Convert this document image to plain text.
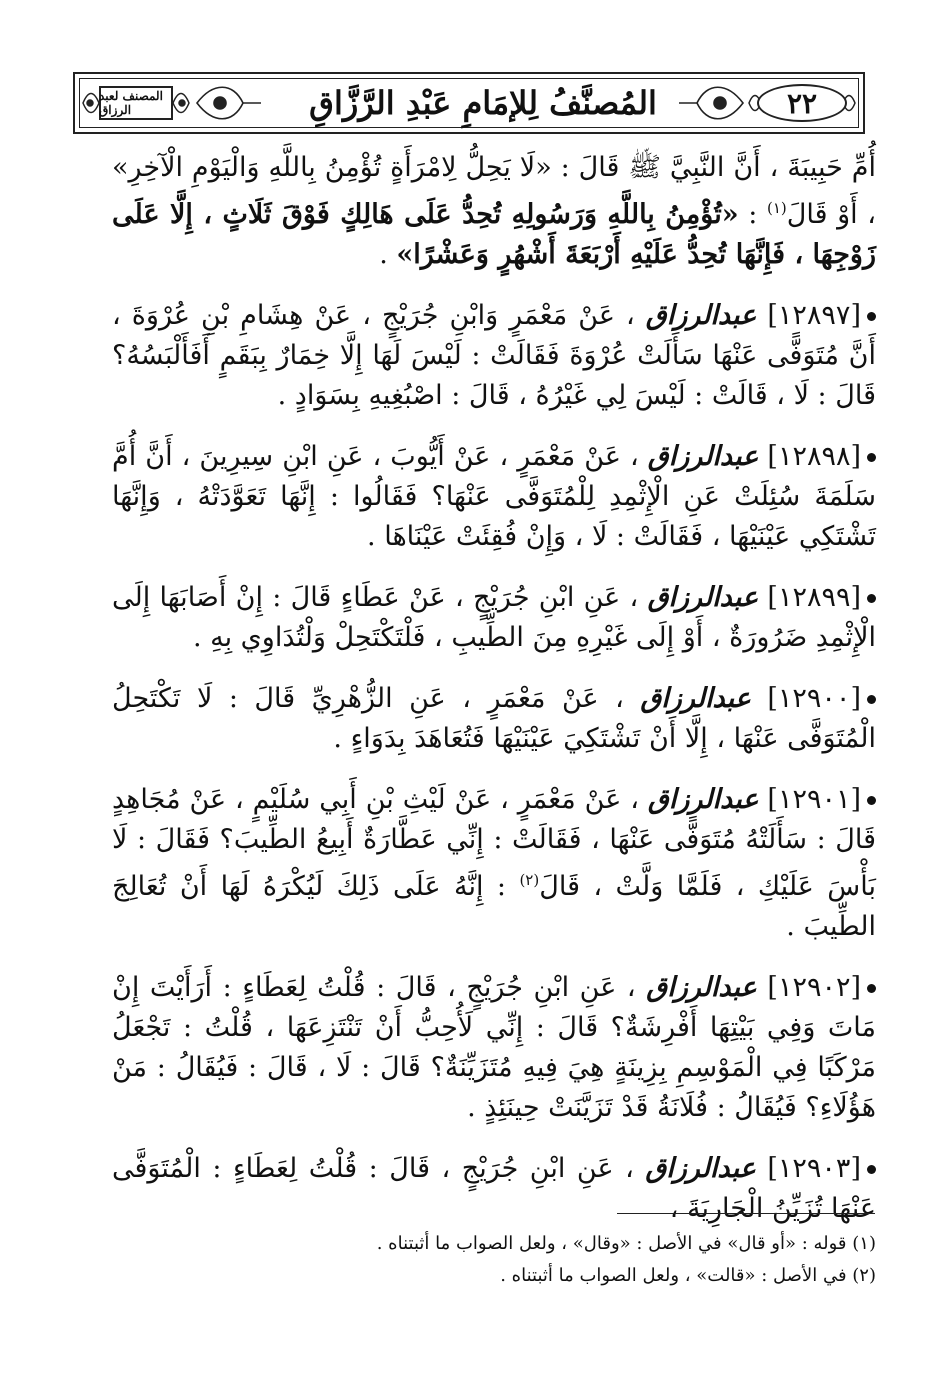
المصنف لعبد الرزاق	المُصنَّفُ لِلإمَامِ عَبْدِ الرَّزَّاقِ	٢٢

أُمِّ حَبِيبَةَ ، أَنَّ النَّبِيَّ ﷺ قَالَ : «لَا يَحِلُّ لِامْرَأَةٍ تُؤْمِنُ بِاللَّهِ وَالْيَوْمِ الْآخِرِ» ، أَوْ قَالَ$^{(١)}$ : «تُؤْمِنُ بِاللَّهِ وَرَسُولِهِ تُحِدُّ عَلَى هَالِكٍ فَوْقَ ثَلَاثٍ ، إِلَّا عَلَى زَوْجِهَا ، فَإِنَّهَا تُحِدُّ عَلَيْهِ أَرْبَعَةَ أَشْهُرٍ وَعَشْرًا» .

[١٢٨٩٧] عبدالرزاق ، عَنْ مَعْمَرٍ وَابْنِ جُرَيْجٍ ، عَنْ هِشَامِ بْنِ عُرْوَةَ ، أَنَّ مُتَوَفًّى عَنْهَا سَأَلَتْ عُرْوَةَ فَقَالَتْ : لَيْسَ لَهَا إِلَّا خِمَارٌ بِبَقَمٍ أَفَأَلْبَسُهُ؟ قَالَ : لَا ، قَالَتْ : لَيْسَ لِي غَيْرُهُ ، قَالَ : اصْبُغِيهِ بِسَوَادٍ .

[١٢٨٩٨] عبدالرزاق ، عَنْ مَعْمَرٍ ، عَنْ أَيُّوبَ ، عَنِ ابْنِ سِيرِينَ ، أَنَّ أُمَّ سَلَمَةَ سُئِلَتْ عَنِ الْإِثْمِدِ لِلْمُتَوَفَّى عَنْهَا؟ فَقَالُوا : إِنَّهَا تَعَوَّدَتْهُ ، وَإِنَّهَا تَشْتَكِي عَيْنَيْهَا ، فَقَالَتْ : لَا ، وَإِنْ فُقِئَتْ عَيْنَاهَا .

[١٢٨٩٩] عبدالرزاق ، عَنِ ابْنِ جُرَيْجٍ ، عَنْ عَطَاءٍ قَالَ : إِنْ أَصَابَهَا إِلَى الْإِثْمِدِ ضَرُورَةٌ ، أَوْ إِلَى غَيْرِهِ مِنَ الطِّيبِ ، فَلْتَكْتَحِلْ وَلْتُدَاوِي بِهِ .

[١٢٩٠٠] عبدالرزاق ، عَنْ مَعْمَرٍ ، عَنِ الزُّهْرِيِّ قَالَ : لَا تَكْتَحِلُ الْمُتَوَفَّى عَنْهَا ، إِلَّا أَنْ تَشْتَكِيَ عَيْنَيْهَا فَتُعَاهَدَ بِدَوَاءٍ .

[١٢٩٠١] عبدالرزاق ، عَنْ مَعْمَرٍ ، عَنْ لَيْثِ بْنِ أَبِي سُلَيْمٍ ، عَنْ مُجَاهِدٍ قَالَ : سَأَلَتْهُ مُتَوَفًّى عَنْهَا ، فَقَالَتْ : إِنِّي عَطَّارَةٌ أَبِيعُ الطِّيبَ؟ فَقَالَ : لَا بَأْسَ عَلَيْكِ ، فَلَمَّا وَلَّتْ ، قَالَ$^{(٢)}$ : إِنَّهُ عَلَى ذَلِكَ لَيُكْرَهُ لَهَا أَنْ تُعَالِجَ الطِّيبَ .

[١٢٩٠٢] عبدالرزاق ، عَنِ ابْنِ جُرَيْجٍ ، قَالَ : قُلْتُ لِعَطَاءٍ : أَرَأَيْتَ إِنْ مَاتَ وَفِي بَيْتِهَا أَفْرِشَةٌ؟ قَالَ : إِنِّي لَأُحِبُّ أَنْ تَنْتَزِعَهَا ، قُلْتُ : تَجْعَلُ مَرْكَبًا فِي الْمَوْسِمِ بِزِينَةٍ هِيَ فِيهِ مُتَزَيِّنَةٌ؟ قَالَ : لَا ، قَالَ : فَيُقَالُ : مَنْ هَؤُلَاءِ؟ فَيُقَالُ : فُلَانَةُ قَدْ تَزَيَّنَتْ حِينَئِذٍ .

[١٢٩٠٣] عبدالرزاق ، عَنِ ابْنِ جُرَيْجٍ ، قَالَ : قُلْتُ لِعَطَاءٍ : الْمُتَوَفَّى عَنْهَا تُزَيِّنُ الْجَارِيَةَ ،

(١) قوله : «أو قال» في الأصل : «وقال» ، ولعل الصواب ما أثبتناه .
(٢) في الأصل : «قالت» ، ولعل الصواب ما أثبتناه .
